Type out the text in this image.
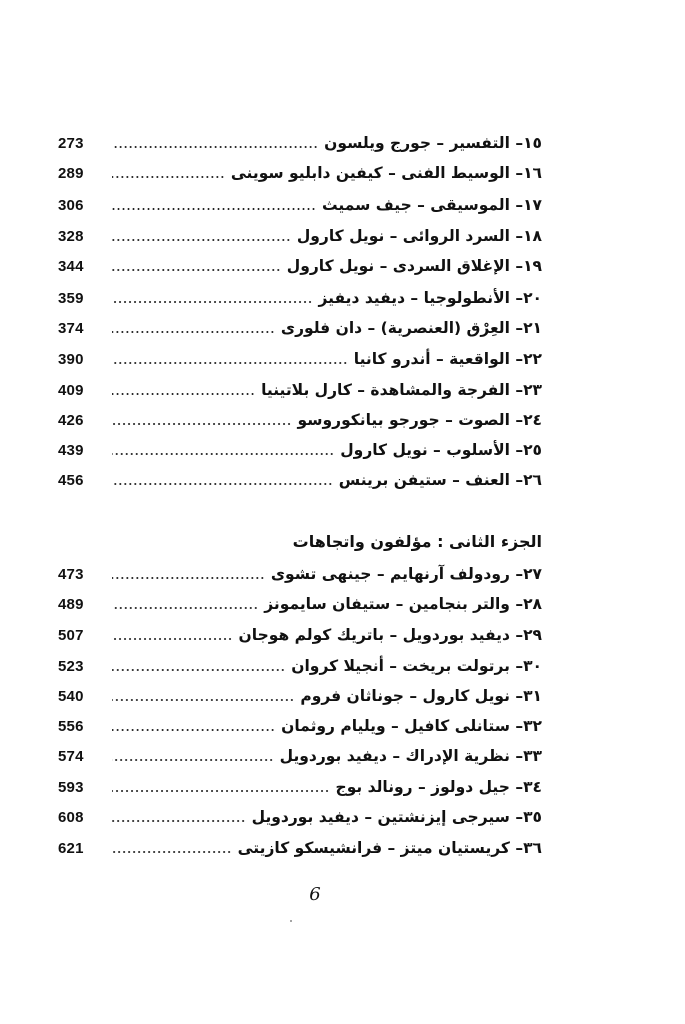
273	١٥– التفسير – جورج ويلسون
289	١٦– الوسيط الفنى – كيفين دابليو سوينى
306	١٧– الموسيقى – جيف سميث
328	١٨– السرد الروائى – نويل كارول
344	١٩– الإغلاق السردى – نويل كارول
359	٢٠– الأنطولوجيا – ديفيد ديفيز
374	٢١– العِرْق (العنصرية) – دان فلورى
390	٢٢– الواقعية – أندرو كانيا
409	٢٣– الفرجة والمشاهدة – كارل بلاتينيا
426	٢٤– الصوت – جورجو بيانكوروسو
439	٢٥– الأسلوب – نويل كارول
456	٢٦– العنف – ستيفن برينس
الجزء الثانى : مؤلفون واتجاهات
473	٢٧– رودولف آرنهايم – جينهى تشوى
489	٢٨– والتر بنجامين – ستيفان سايمونز
507	٢٩– ديفيد بوردويل – باتريك كولم هوجان
523	٣٠– برتولت بريخت – أنجيلا كروان
540	٣١– نويل كارول – جوناثان فروم
556	٣٢– ستانلى كافيل – ويليام روثمان
574	٣٣– نظرية الإدراك – ديفيد بوردويل
593	٣٤– جيل دولوز – رونالد بوج
608	٣٥– سيرجى إيزنشتين – ديفيد بوردويل
621	٣٦– كريستيان ميتز – فرانشيسكو كازيتى
6
